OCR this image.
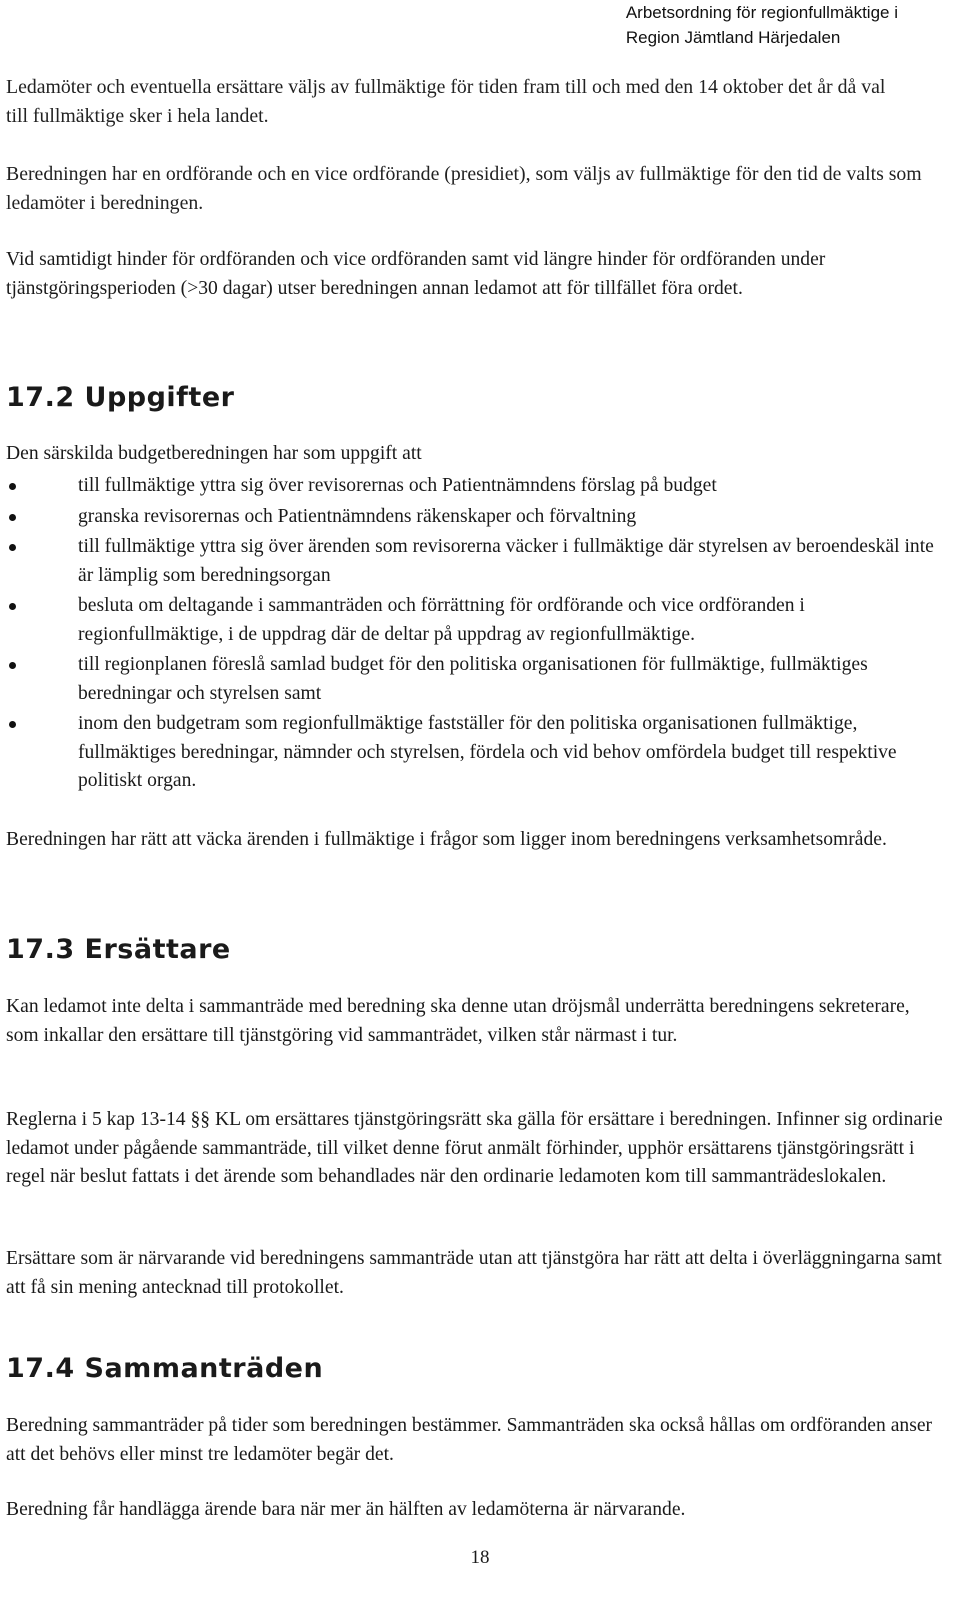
Arbetsordning för regionfullmäktige i
Region Jämtland Härjedalen

Ledamöter och eventuella ersättare väljs av fullmäktige för tiden fram till och med den 14 oktober det år då val till fullmäktige sker i hela landet.

Beredningen har en ordförande och en vice ordförande (presidiet), som väljs av fullmäktige för den tid de valts som ledamöter i beredningen.

Vid samtidigt hinder för ordföranden och vice ordföranden samt vid längre hinder för ordföranden under tjänstgöringsperioden (>30 dagar) utser beredningen annan ledamot att för tillfället föra ordet.

17.2 Uppgifter

Den särskilda budgetberedningen har som uppgift att

till fullmäktige yttra sig över revisorernas och Patientnämndens förslag på budget
granska revisorernas och Patientnämndens räkenskaper och förvaltning
till fullmäktige yttra sig över ärenden som revisorerna väcker i fullmäktige där styrelsen av beroendeskäl inte är lämplig som beredningsorgan
besluta om deltagande i sammanträden och förrättning för ordförande och vice ordföranden i regionfullmäktige, i de uppdrag där de deltar på uppdrag av regionfullmäktige.
till regionplanen föreslå samlad budget för den politiska organisationen för fullmäktige, fullmäktiges beredningar och styrelsen samt
inom den budgetram som regionfullmäktige fastställer för den politiska organisationen fullmäktige, fullmäktiges beredningar, nämnder och styrelsen, fördela och vid behov omfördela budget till respektive politiskt organ.

Beredningen har rätt att väcka ärenden i fullmäktige i frågor som ligger inom beredningens verksamhetsområde.

17.3 Ersättare

Kan ledamot inte delta i sammanträde med beredning ska denne utan dröjsmål underrätta beredningens sekreterare, som inkallar den ersättare till tjänstgöring vid sammanträdet, vilken står närmast i tur.

Reglerna i 5 kap 13-14 §§ KL om ersättares tjänstgöringsrätt ska gälla för ersättare i beredningen. Infinner sig ordinarie ledamot under pågående sammanträde, till vilket denne förut anmält förhinder, upphör ersättarens tjänstgöringsrätt i regel när beslut fattats i det ärende som behandlades när den ordinarie ledamoten kom till sammanträdeslokalen.

Ersättare som är närvarande vid beredningens sammanträde utan att tjänstgöra har rätt att delta i överläggningarna samt att få sin mening antecknad till protokollet.

17.4 Sammanträden

Beredning sammanträder på tider som beredningen bestämmer. Sammanträden ska också hållas om ordföranden anser att det behövs eller minst tre ledamöter begär det.

Beredning får handlägga ärende bara när mer än hälften av ledamöterna är närvarande.

18
